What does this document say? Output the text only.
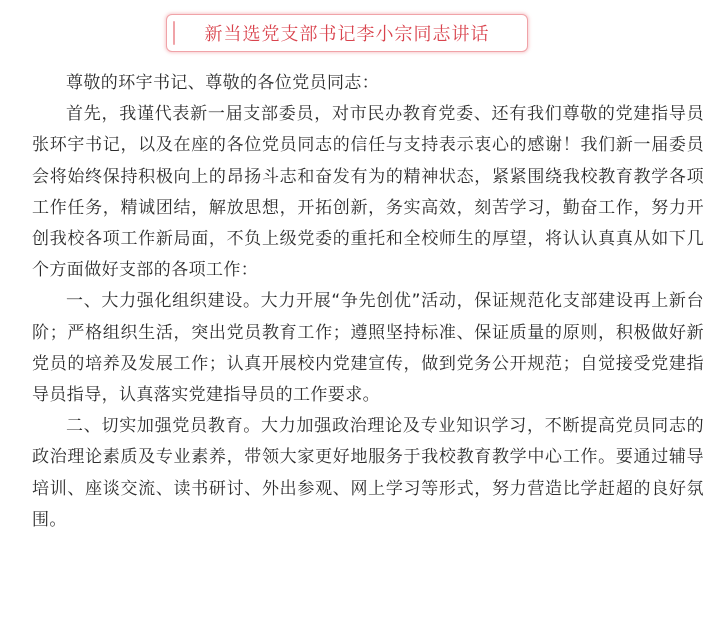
新当选党支部书记李小宗同志讲话

尊敬的环宇书记、尊敬的各位党员同志：

首先，我谨代表新一届支部委员，对市民办教育党委、还有我们尊敬的党建指导员张环宇书记，以及在座的各位党员同志的信任与支持表示衷心的感谢！我们新一届委员会将始终保持积极向上的昂扬斗志和奋发有为的精神状态，紧紧围绕我校教育教学各项工作任务，精诚团结，解放思想，开拓创新，务实高效，刻苦学习，勤奋工作，努力开创我校各项工作新局面，不负上级党委的重托和全校师生的厚望，将认认真真从如下几个方面做好支部的各项工作：

一、大力强化组织建设。大力开展“争先创优”活动，保证规范化支部建设再上新台阶；严格组织生活，突出党员教育工作；遵照坚持标准、保证质量的原则，积极做好新党员的培养及发展工作；认真开展校内党建宣传，做到党务公开规范；自觉接受党建指导员指导，认真落实党建指导员的工作要求。

二、切实加强党员教育。大力加强政治理论及专业知识学习，不断提高党员同志的政治理论素质及专业素养，带领大家更好地服务于我校教育教学中心工作。要通过辅导培训、座谈交流、读书研讨、外出参观、网上学习等形式，努力营造比学赶超的良好氛围。
